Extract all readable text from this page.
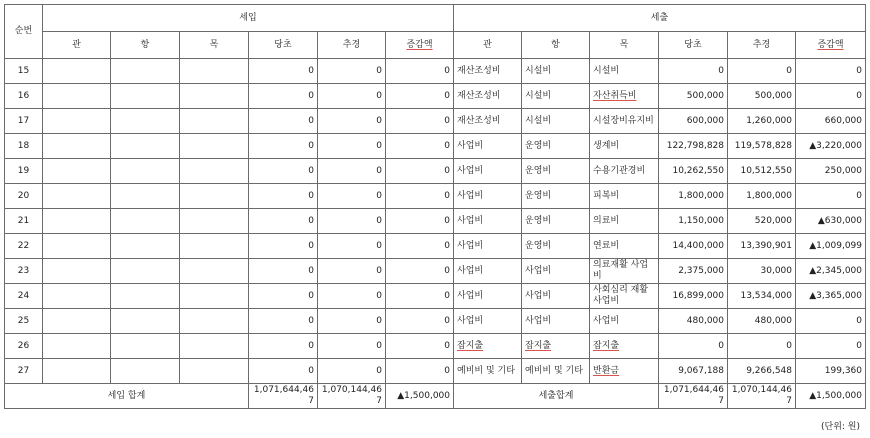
순번	세입						세출					
	관	항	목	당초	추경	증감액	관	항	목	당초	추경	증감액
15				0	0	0	재산조성비	시설비	시설비	0	0	0
16				0	0	0	재산조성비	시설비	자산취득비	500,000	500,000	0
17				0	0	0	재산조성비	시설비	시설장비유지비	600,000	1,260,000	660,000
18				0	0	0	사업비	운영비	생계비	122,798,828	119,578,828	▲3,220,000
19				0	0	0	사업비	운영비	수용기관경비	10,262,550	10,512,550	250,000
20				0	0	0	사업비	운영비	피복비	1,800,000	1,800,000	0
21				0	0	0	사업비	운영비	의료비	1,150,000	520,000	▲630,000
22				0	0	0	사업비	운영비	연료비	14,400,000	13,390,901	▲1,009,099
23				0	0	0	사업비	사업비	의료재활 사업비	2,375,000	30,000	▲2,345,000
24				0	0	0	사업비	사업비	사회심리 재활 사업비	16,899,000	13,534,000	▲3,365,000
25				0	0	0	사업비	사업비	사업비	480,000	480,000	0
26				0	0	0	잡지출	잡지출	잡지출	0	0	0
27				0	0	0	예비비 및 기타	예비비 및 기타	반환금	9,067,188	9,266,548	199,360
세입 합계				1,071,644,467	1,070,144,467	▲1,500,000	세출합계			1,071,644,467	1,070,144,467	▲1,500,000
(단위: 원)
